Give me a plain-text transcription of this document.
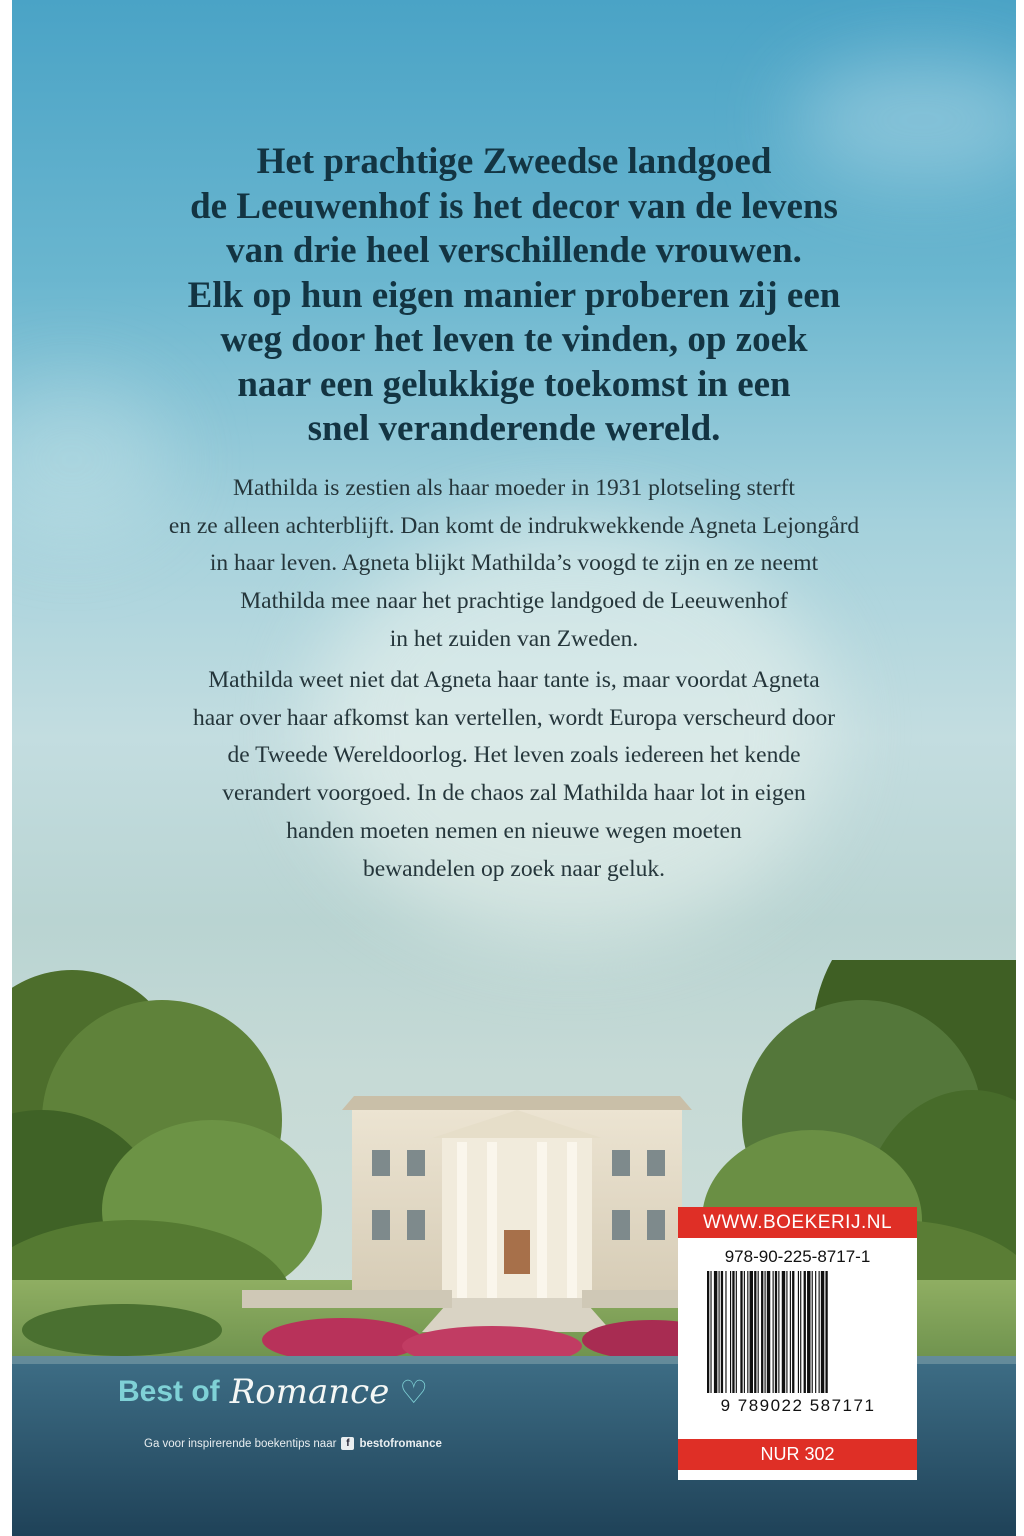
Het prachtige Zweedse landgoed
de Leeuwenhof is het decor van de levens
van drie heel verschillende vrouwen.
Elk op hun eigen manier proberen zij een
weg door het leven te vinden, op zoek
naar een gelukkige toekomst in een
snel veranderende wereld.

Mathilda is zestien als haar moeder in 1931 plotseling sterft
en ze alleen achterblijft. Dan komt de indrukwekkende Agneta Lejongård
in haar leven. Agneta blijkt Mathilda’s voogd te zijn en ze neemt
Mathilda mee naar het prachtige landgoed de Leeuwenhof
in het zuiden van Zweden.

Mathilda weet niet dat Agneta haar tante is, maar voordat Agneta
haar over haar afkomst kan vertellen, wordt Europa verscheurd door
de Tweede Wereldoorlog. Het leven zoals iedereen het kende
verandert voorgoed. In de chaos zal Mathilda haar lot in eigen
handen moeten nemen en nieuwe wegen moeten
bewandelen op zoek naar geluk.

Best of Romance ♡
Ga voor inspirerende boekentips naar f bestofromance
WWW.BOEKERIJ.NL
978-90-225-8717-1
9 789022 587171
NUR 302
